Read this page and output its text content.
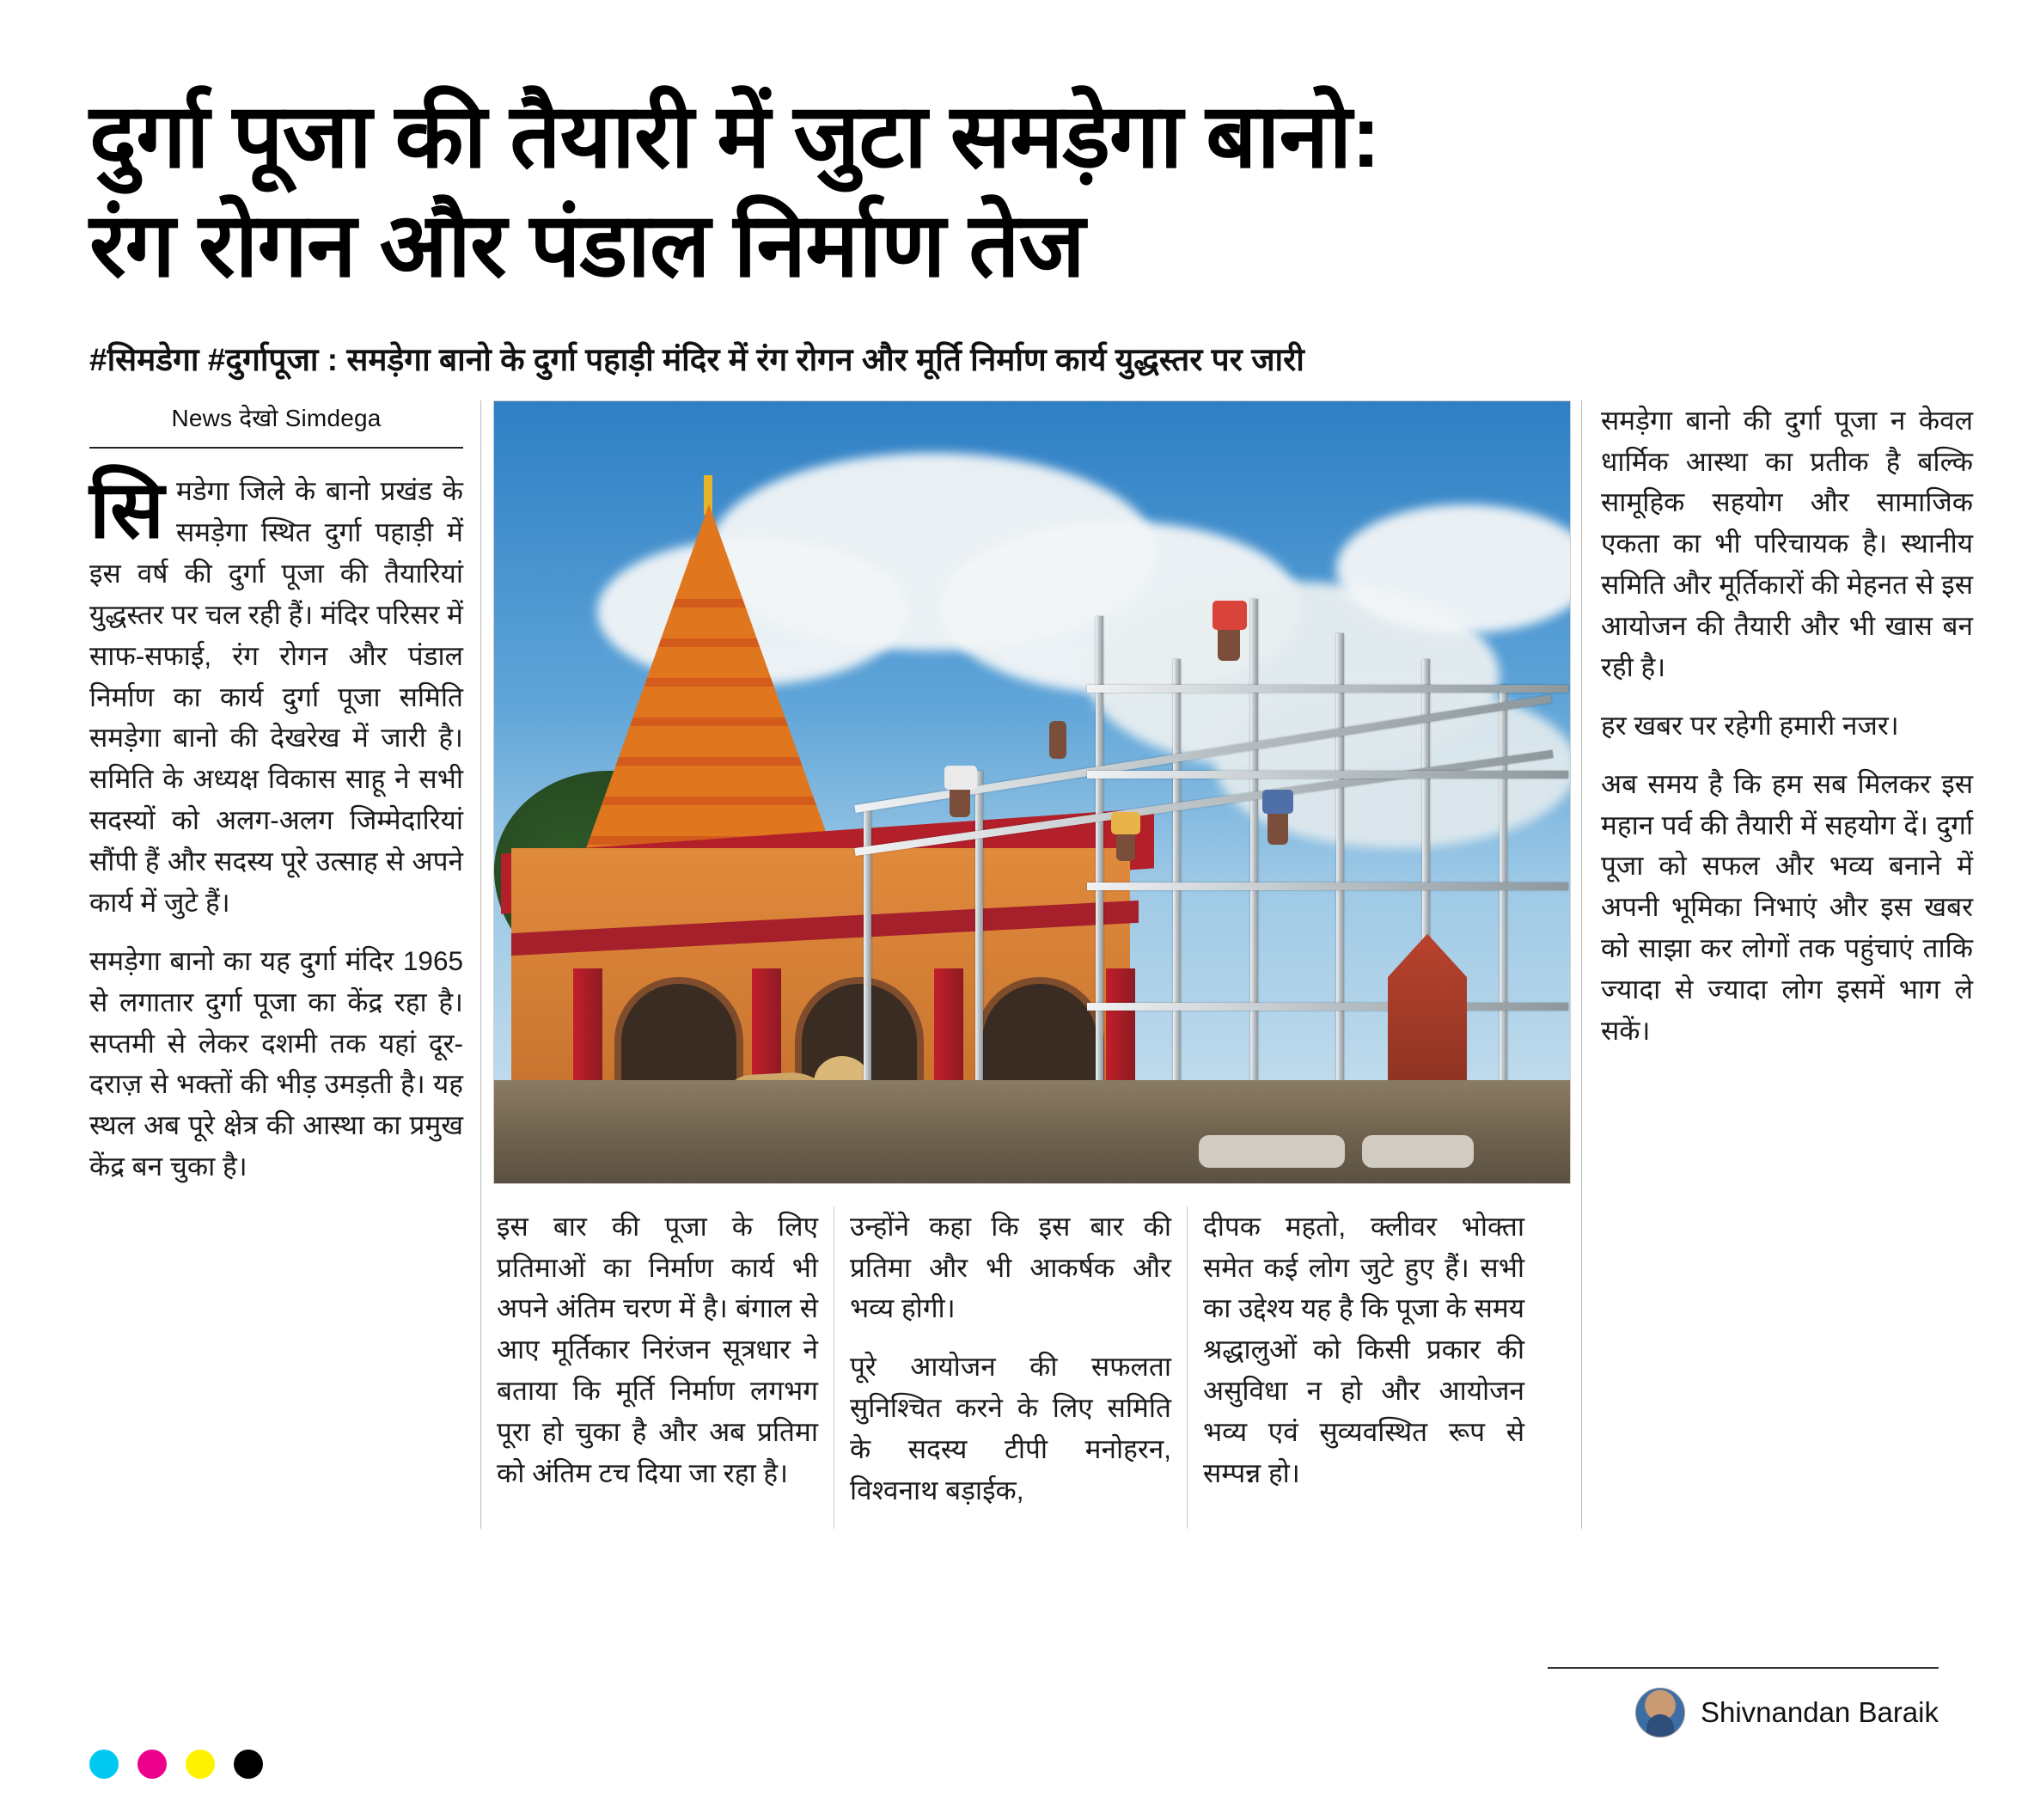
दुर्गा पूजा की तैयारी में जुटा समड़ेगा बानो:
रंग रोगन और पंडाल निर्माण तेज
#सिमडेगा #दुर्गापूजा : समड़ेगा बानो के दुर्गा पहाड़ी मंदिर में रंग रोगन और मूर्ति निर्माण कार्य युद्धस्तर पर जारी
News देखो Simdega

सिमडेगा जिले के बानो प्रखंड के समड़ेगा स्थित दुर्गा पहाड़ी में इस वर्ष की दुर्गा पूजा की तैयारियां युद्धस्तर पर चल रही हैं। मंदिर परिसर में साफ-सफाई, रंग रोगन और पंडाल निर्माण का कार्य दुर्गा पूजा समिति समड़ेगा बानो की देखरेख में जारी है। समिति के अध्यक्ष विकास साहू ने सभी सदस्यों को अलग-अलग जिम्मेदारियां सौंपी हैं और सदस्य पूरे उत्साह से अपने कार्य में जुटे हैं।

समड़ेगा बानो का यह दुर्गा मंदिर 1965 से लगातार दुर्गा पूजा का केंद्र रहा है। सप्तमी से लेकर दशमी तक यहां दूर-दराज़ से भक्तों की भीड़ उमड़ती है। यह स्थल अब पूरे क्षेत्र की आस्था का प्रमुख केंद्र बन चुका है।

इस बार की पूजा के लिए प्रतिमाओं का निर्माण कार्य भी अपने अंतिम चरण में है। बंगाल से आए मूर्तिकार निरंजन सूत्रधार ने बताया कि मूर्ति निर्माण लगभग पूरा हो चुका है और अब प्रतिमा को अंतिम टच दिया जा रहा है।

उन्होंने कहा कि इस बार की प्रतिमा और भी आकर्षक और भव्य होगी।

पूरे आयोजन की सफलता सुनिश्चित करने के लिए समिति के सदस्य टीपी मनोहरन, विश्वनाथ बड़ाईक,

दीपक महतो, क्लीवर भोक्ता समेत कई लोग जुटे हुए हैं। सभी का उद्देश्य यह है कि पूजा के समय श्रद्धालुओं को किसी प्रकार की असुविधा न हो और आयोजन भव्य एवं सुव्यवस्थित रूप से सम्पन्न हो।

समड़ेगा बानो की दुर्गा पूजा न केवल धार्मिक आस्था का प्रतीक है बल्कि सामूहिक सहयोग और सामाजिक एकता का भी परिचायक है। स्थानीय समिति और मूर्तिकारों की मेहनत से इस आयोजन की तैयारी और भी खास बन रही है।

हर खबर पर रहेगी हमारी नजर।

अब समय है कि हम सब मिलकर इस महान पर्व की तैयारी में सहयोग दें। दुर्गा पूजा को सफल और भव्य बनाने में अपनी भूमिका निभाएं और इस खबर को साझा कर लोगों तक पहुंचाएं ताकि ज्यादा से ज्यादा लोग इसमें भाग ले सकें।

Shivnandan Baraik
